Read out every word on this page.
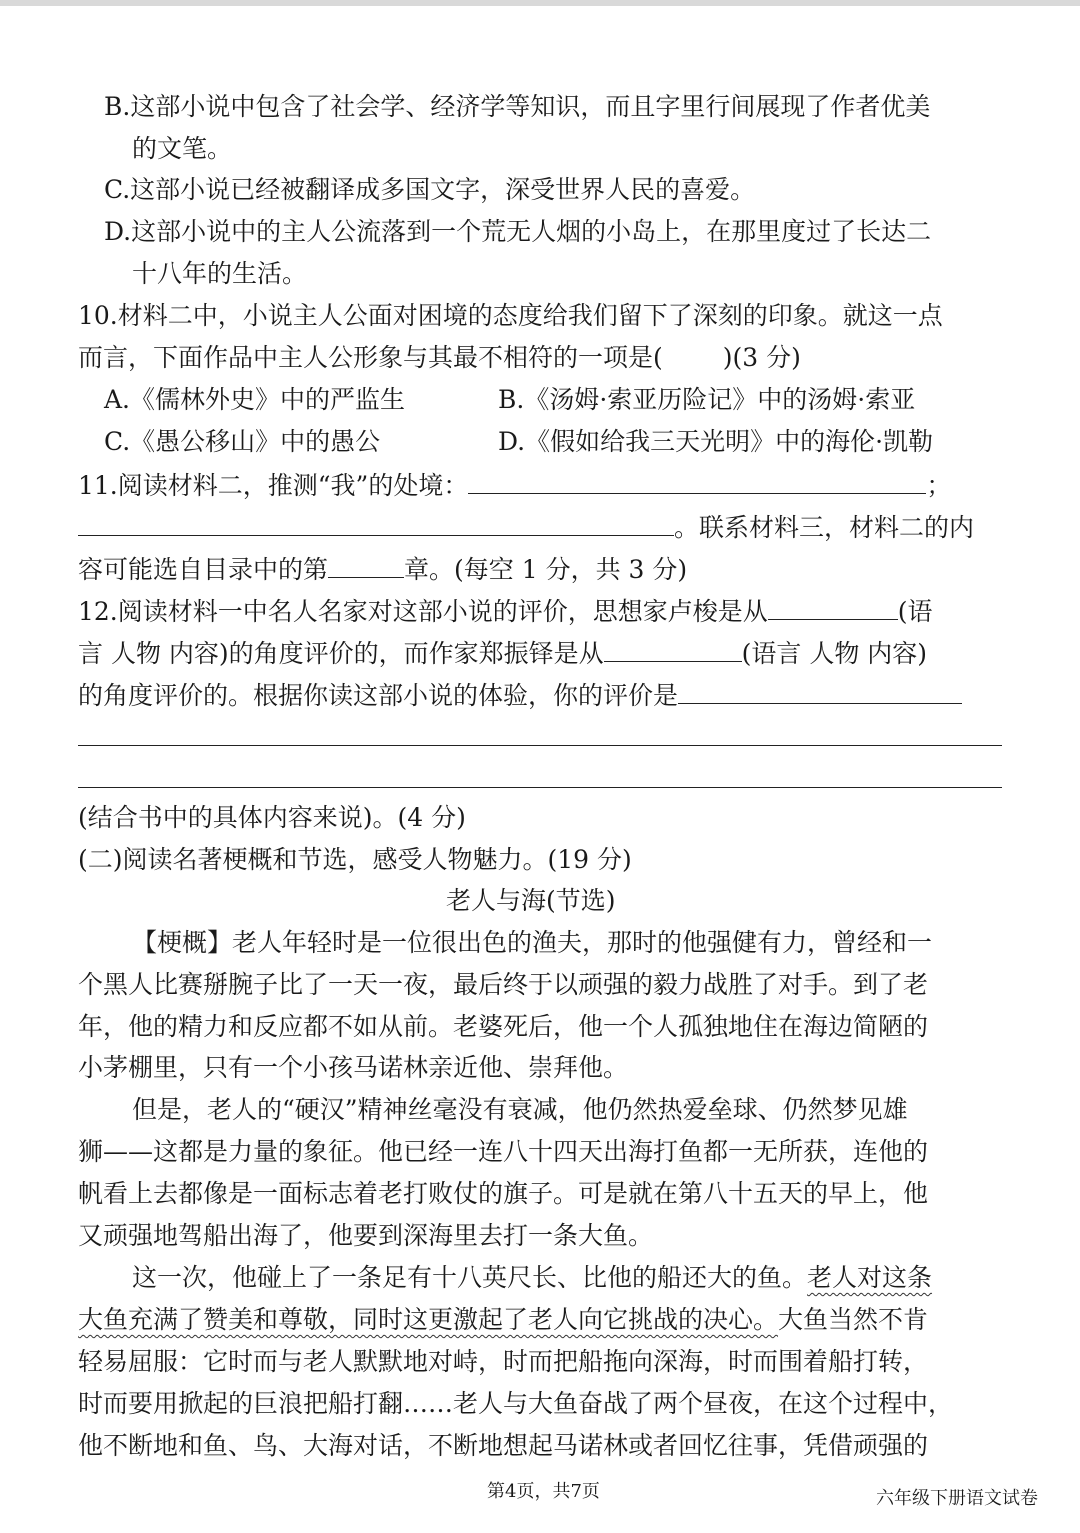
B.这部小说中包含了社会学、经济学等知识，而且字里行间展现了作者优美
的文笔。
C.这部小说已经被翻译成多国文字，深受世界人民的喜爱。
D.这部小说中的主人公流落到一个荒无人烟的小岛上，在那里度过了长达二
十八年的生活。
10.材料二中，小说主人公面对困境的态度给我们留下了深刻的印象。就这一点
而言，下面作品中主人公形象与其最不相符的一项是( )(3 分)
A.《儒林外史》中的严监生	B.《汤姆·索亚历险记》中的汤姆·索亚
C.《愚公移山》中的愚公	D.《假如给我三天光明》中的海伦·凯勒
11.阅读材料二，推测“我”的处境：	；
。联系材料三，材料二的内
容可能选自目录中的第	章。(每空 1 分，共 3 分)
12.阅读材料一中名人名家对这部小说的评价，思想家卢梭是从	(语
言 人物 内容)的角度评价的，而作家郑振铎是从	(语言 人物 内容)
的角度评价的。根据你读这部小说的体验，你的评价是
(结合书中的具体内容来说)。(4 分)
(二)阅读名著梗概和节选，感受人物魅力。(19 分)
老人与海(节选)
【梗概】老人年轻时是一位很出色的渔夫，那时的他强健有力，曾经和一
个黑人比赛掰腕子比了一天一夜，最后终于以顽强的毅力战胜了对手。到了老
年，他的精力和反应都不如从前。老婆死后，他一个人孤独地住在海边简陋的
小茅棚里，只有一个小孩马诺林亲近他、崇拜他。
但是，老人的“硬汉”精神丝毫没有衰减，他仍然热爱垒球、仍然梦见雄
狮——这都是力量的象征。他已经一连八十四天出海打鱼都一无所获，连他的
帆看上去都像是一面标志着老打败仗的旗子。可是就在第八十五天的早上，他
又顽强地驾船出海了，他要到深海里去打一条大鱼。
这一次，他碰上了一条足有十八英尺长、比他的船还大的鱼。老人对这条
大鱼充满了赞美和尊敬，同时这更激起了老人向它挑战的决心。大鱼当然不肯
轻易屈服：它时而与老人默默地对峙，时而把船拖向深海，时而围着船打转，
时而要用掀起的巨浪把船打翻……老人与大鱼奋战了两个昼夜，在这个过程中，
他不断地和鱼、鸟、大海对话，不断地想起马诺林或者回忆往事，凭借顽强的
第4页，共7页	六年级下册语文试卷
